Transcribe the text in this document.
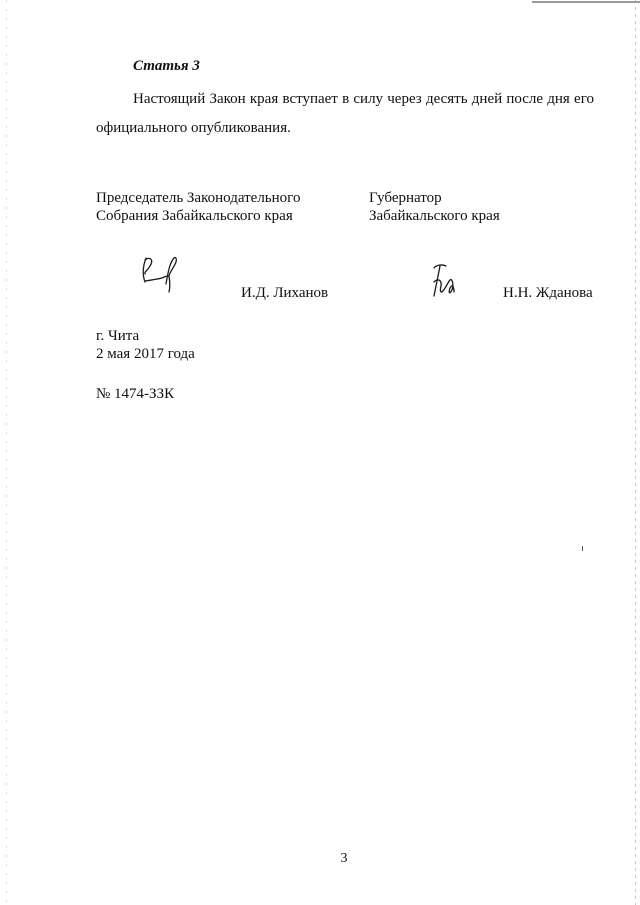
Статья 3
Настоящий Закон края вступает в силу через десять дней после дня его официального опубликования.
Председатель Законодательного
Собрания Забайкальского края
Губернатор
Забайкальского края
И.Д. Лиханов	Н.Н. Жданова
г. Чита
2 мая 2017 года
№ 1474-ЗЗК
3
